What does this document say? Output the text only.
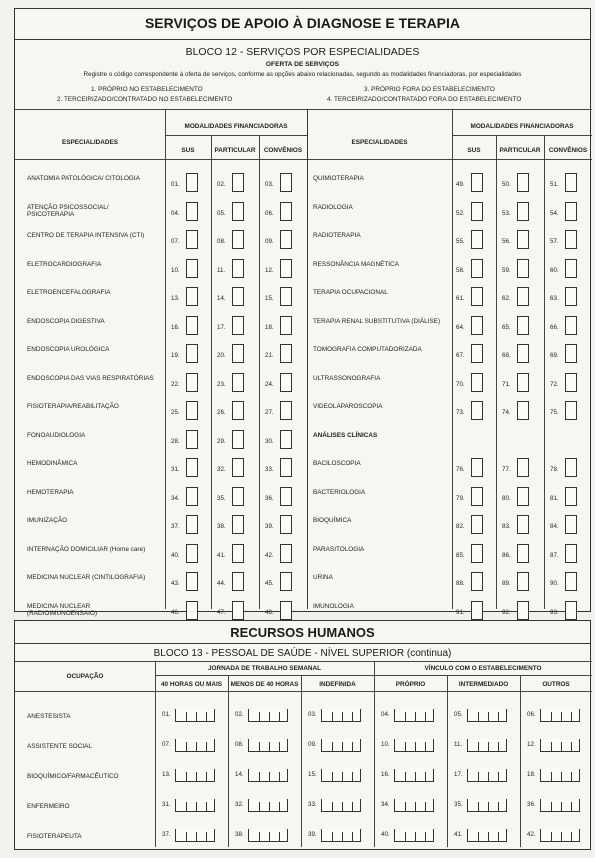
SERVIÇOS DE APOIO À DIAGNOSE E TERAPIA
BLOCO 12 - SERVIÇOS POR ESPECIALIDADES
OFERTA DE SERVIÇOS
Registre o código correspondente à oferta de serviços, conforme as opções abaixo relacionadas, segundo as modalidades financiadoras, por especialidades
1. PRÓPRIO NO ESTABELECIMENTO
2. TERCEIRIZADO/CONTRATADO NO ESTABELECIMENTO
3. PRÓPRIO FORA DO ESTABELECIMENTO
4. TERCEIRIZADO/CONTRATADO FORA DO ESTABELECIMENTO
ESPECIALIDADES	ESPECIALIDADES
MODALIDADES FINANCIADORAS	MODALIDADES FINANCIADORAS
SUS	PARTICULAR	CONVÊNIOS	SUS	PARTICULAR	CONVÊNIOS
ANATOMIA PATOLÓGICA/ CITOLOGIA
01.	02.	03.
ATENÇÃO PSICOSSOCIAL/ PSICOTERAPIA	04.	05.	06.
CENTRO DE TERAPIA INTENSIVA (CTI)
07.	08.	09.
ELETROCARDIOGRAFIA
10.	11.	12.
ELETROENCEFALOGRAFIA
13.	14.	15.
ENDOSCOPIA DIGESTIVA
16.	17.	18.
ENDOSCOPIA UROLÓGICA
19.	20.	21.
ENDOSCOPIA DAS VIAS RESPIRATÓRIAS
22.	23.	24.
FISIOTERAPIA/REABILITAÇÃO
25.	26.	27.
FONOAUDIOLOGIA
28.	29.	30.
HEMODINÂMICA
31.	32.	33.
HEMOTERAPIA
34.	35.	36.
IMUNIZAÇÃO
37.	38.	39.
INTERNAÇÃO DOMICILIAR (Home care)
40.	41.	42.
MEDICINA NUCLEAR (CINTILOGRAFIA)
43.	44.	45.
MEDICINA NUCLEAR (RADIOIMUNOENSAIO)	46.	47.	48.
QUIMIOTERAPIA
49.	50.	51.
RADIOLOGIA
52.	53.	54.
RADIOTERAPIA
55.	56.	57.
RESSONÂNCIA MAGNÉTICA
58.	59.	60.
TERAPIA OCUPACIONAL
61.	62.	63.
TERAPIA RENAL SUBSTITUTIVA (DIÁLISE)
64.	65.	66.
TOMOGRAFIA COMPUTADORIZADA
67.	68.	69.
ULTRASSONOGRAFIA
70.	71.	72.
VIDEOLAPAROSCOPIA
73.	74.	75.
ANÁLISES CLÍNICAS
BACILOSCOPIA
76.	77.	78.
BACTERIOLOGIA
79.	80.	81.
BIOQUÍMICA
82.	83.	84.
PARASITOLOGIA
85.	86.	87.
URINA
88.	89.	90.
IMUNOLOGIA
91.	92.	93.
RECURSOS HUMANOS
BLOCO 13 - PESSOAL DE SAÚDE - NÍVEL SUPERIOR (continua)
OCUPAÇÃO
JORNADA DE TRABALHO SEMANAL	VÍNCULO COM O ESTABELECIMENTO
40 HORAS OU MAIS	MENOS DE 40 HORAS	INDEFINIDA	PRÓPRIO	INTERMEDIADO	OUTROS
ANESTESISTA	01.	02.	03.	04.	05.	06.
ASSISTENTE SOCIAL	07.	08.	09.	10.	11.	12.
BIOQUÍMICO/FARMACÊUTICO	13.	14.	15.	16.	17.	18.
ENFERMEIRO	31.	32.	33.	34.	35.	36.
FISIOTERAPEUTA	37.	38.	39.	40.	41.	42.
